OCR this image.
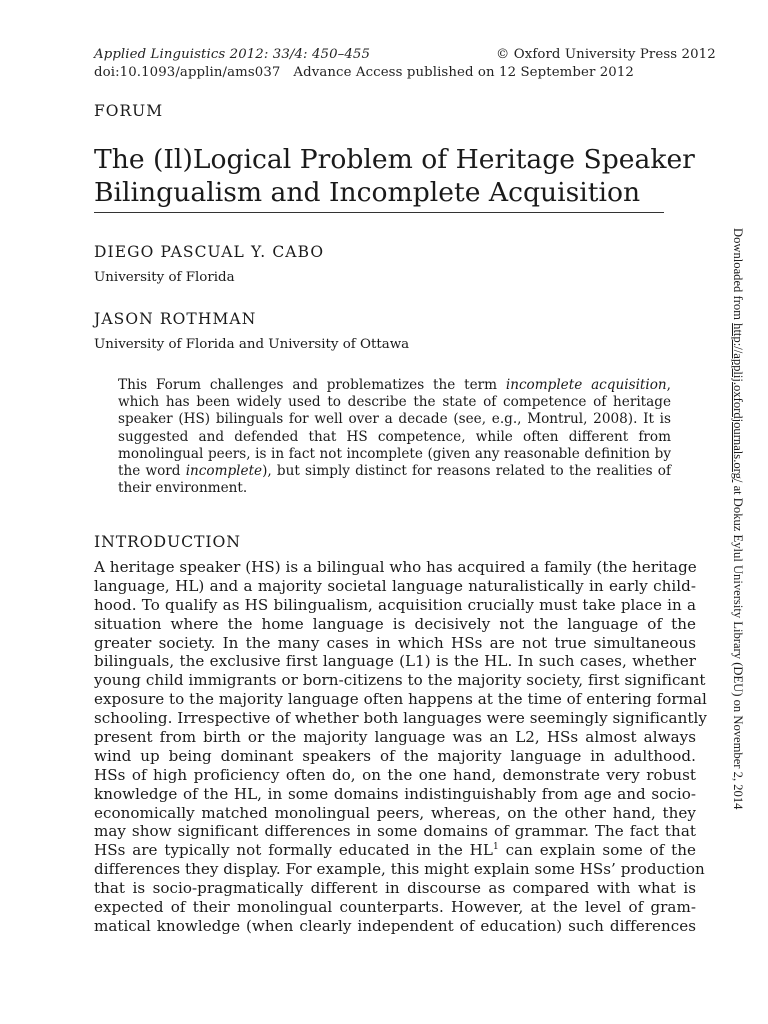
Applied Linguistics 2012: 33/4: 450–455	© Oxford University Press 2012
doi:10.1093/applin/ams037   Advance Access published on 12 September 2012
FORUM
The (Il)Logical Problem of Heritage Speaker
Bilingualism and Incomplete Acquisition
DIEGO PASCUAL Y. CABO
University of Florida
JASON ROTHMAN
University of Florida and University of Ottawa
This Forum challenges and problematizes the term incomplete acquisition, which has been widely used to describe the state of competence of heritage speaker (HS) bilinguals for well over a decade (see, e.g., Montrul, 2008). It is suggested and defended that HS competence, while often different from monolingual peers, is in fact not incomplete (given any reasonable definition by the word incomplete), but simply distinct for reasons related to the realities of their environment.
INTRODUCTION
A heritage speaker (HS) is a bilingual who has acquired a family (the heritage
language, HL) and a majority societal language naturalistically in early child-
hood. To qualify as HS bilingualism, acquisition crucially must take place in a
situation where the home language is decisively not the language of the
greater society. In the many cases in which HSs are not true simultaneous
bilinguals, the exclusive first language (L1) is the HL. In such cases, whether
young child immigrants or born-citizens to the majority society, first significant
exposure to the majority language often happens at the time of entering formal
schooling. Irrespective of whether both languages were seemingly significantly
present from birth or the majority language was an L2, HSs almost always
wind up being dominant speakers of the majority language in adulthood.
HSs of high proficiency often do, on the one hand, demonstrate very robust
knowledge of the HL, in some domains indistinguishably from age and socio-
economically matched monolingual peers, whereas, on the other hand, they
may show significant differences in some domains of grammar. The fact that
HSs are typically not formally educated in the $HL^1$ can explain some of the
differences they display. For example, this might explain some HSs’ production
that is socio-pragmatically different in discourse as compared with what is
expected of their monolingual counterparts. However, at the level of gram-
matical knowledge (when clearly independent of education) such differences
Downloaded from http://applij.oxfordjournals.org/ at Dokuz Eylul University Library (DEU) on November 2, 2014
